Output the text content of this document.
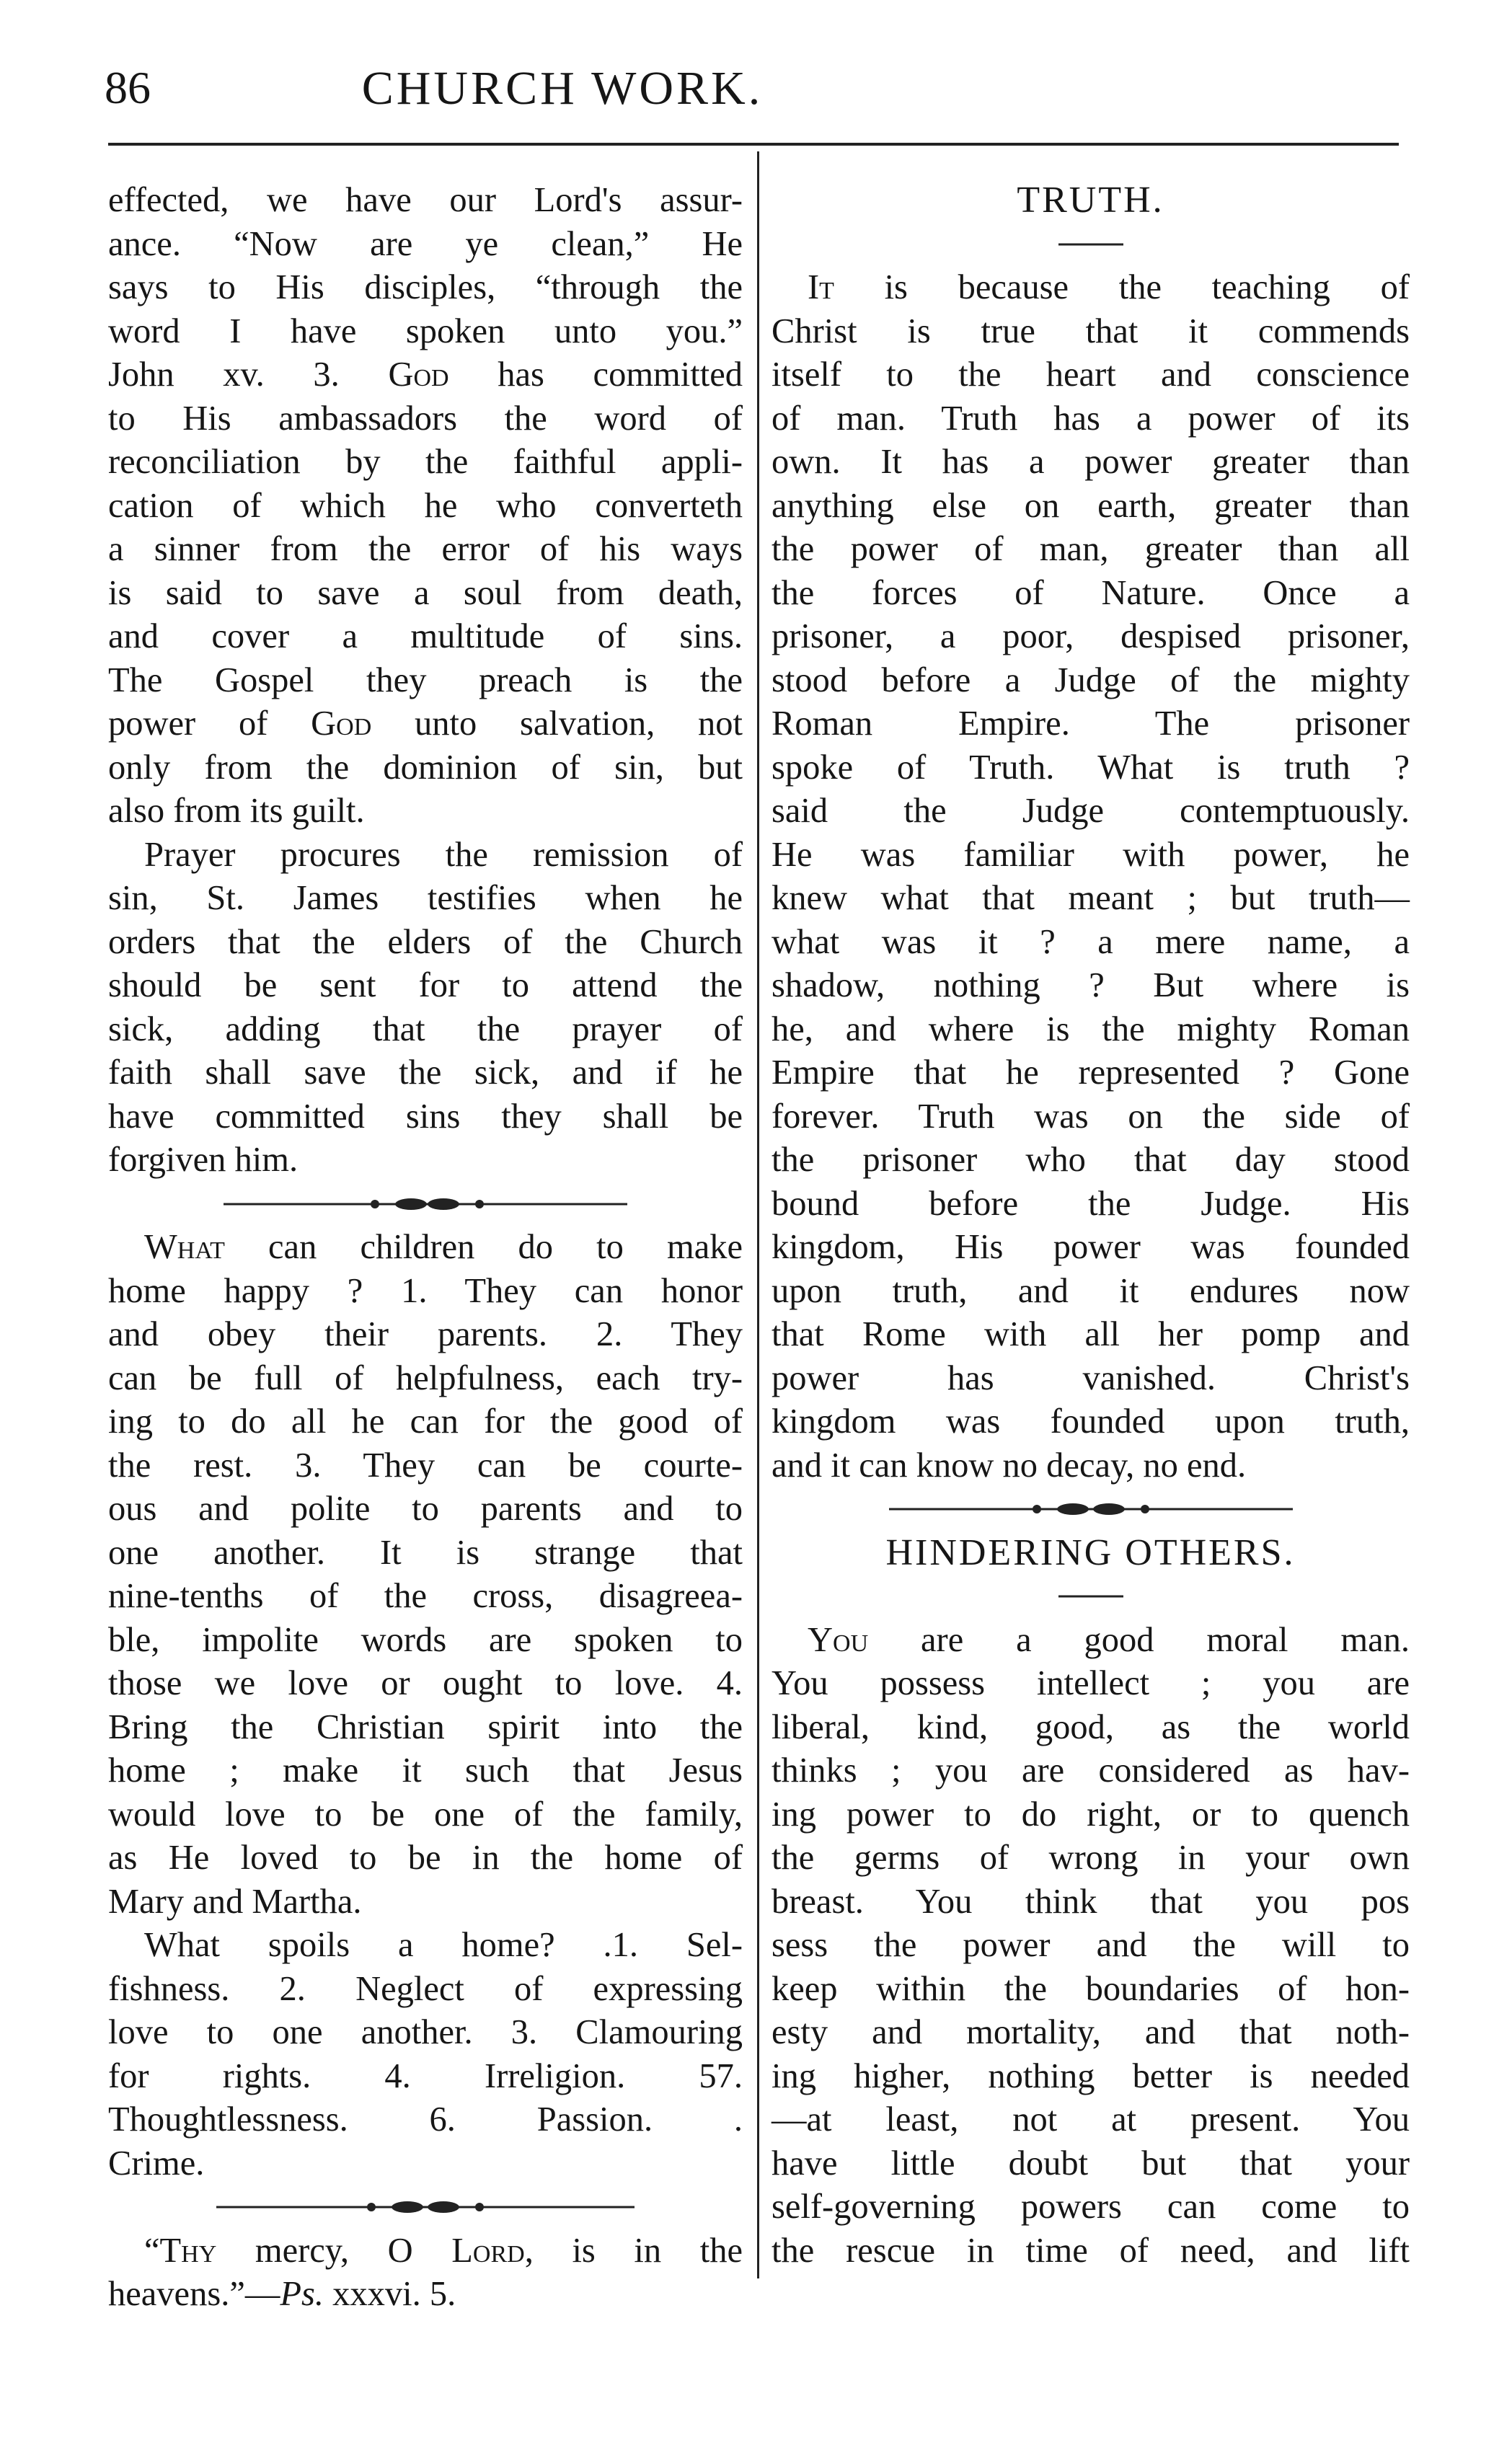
86	CHURCH WORK.
effected, we have our Lord's assur-
ance. “Now are ye clean,” He
says to His disciples, “through the
word I have spoken unto you.”
John xv. 3. God has committed
to His ambassadors the word of
reconciliation by the faithful appli-
cation of which he who converteth
a sinner from the error of his ways
is said to save a soul from death,
and cover a multitude of sins.
The Gospel they preach is the
power of God unto salvation, not
only from the dominion of sin, but
also from its guilt.
Prayer procures the remission of
sin, St. James testifies when he
orders that the elders of the Church
should be sent for to attend the
sick, adding that the prayer of
faith shall save the sick, and if he
have committed sins they shall be
forgiven him.
What can children do to make
home happy ? 1. They can honor
and obey their parents. 2. They
can be full of helpfulness, each try-
ing to do all he can for the good of
the rest. 3. They can be courte-
ous and polite to parents and to
one another. It is strange that
nine-tenths of the cross, disagreea-
ble, impolite words are spoken to
those we love or ought to love. 4.
Bring the Christian spirit into the
home ; make it such that Jesus
would love to be one of the family,
as He loved to be in the home of
Mary and Martha.
What spoils a home? .1. Sel-
fishness. 2. Neglect of expressing
love to one another. 3. Clamouring
for rights. 4. Irreligion. 57.
Thoughtlessness. 6. Passion. .
Crime.
“Thy mercy, O Lord, is in the
heavens.”—Ps. xxxvi. 5.
TRUTH.
It is because the teaching of
Christ is true that it commends
itself to the heart and conscience
of man. Truth has a power of its
own. It has a power greater than
anything else on earth, greater than
the power of man, greater than all
the forces of Nature. Once a
prisoner, a poor, despised prisoner,
stood before a Judge of the mighty
Roman Empire. The prisoner
spoke of Truth. What is truth ?
said the Judge contemptuously.
He was familiar with power, he
knew what that meant ; but truth—
what was it ? a mere name, a
shadow, nothing ? But where is
he, and where is the mighty Roman
Empire that he represented ? Gone
forever. Truth was on the side of
the prisoner who that day stood
bound before the Judge. His
kingdom, His power was founded
upon truth, and it endures now
that Rome with all her pomp and
power has vanished. Christ's
kingdom was founded upon truth,
and it can know no decay, no end.
HINDERING OTHERS.
You are a good moral man.
You possess intellect ; you are
liberal, kind, good, as the world
thinks ; you are considered as hav-
ing power to do right, or to quench
the germs of wrong in your own
breast. You think that you pos
sess the power and the will to
keep within the boundaries of hon-
esty and mortality, and that noth-
ing higher, nothing better is needed
—at least, not at present. You
have little doubt but that your
self-governing powers can come to
the rescue in time of need, and lift
